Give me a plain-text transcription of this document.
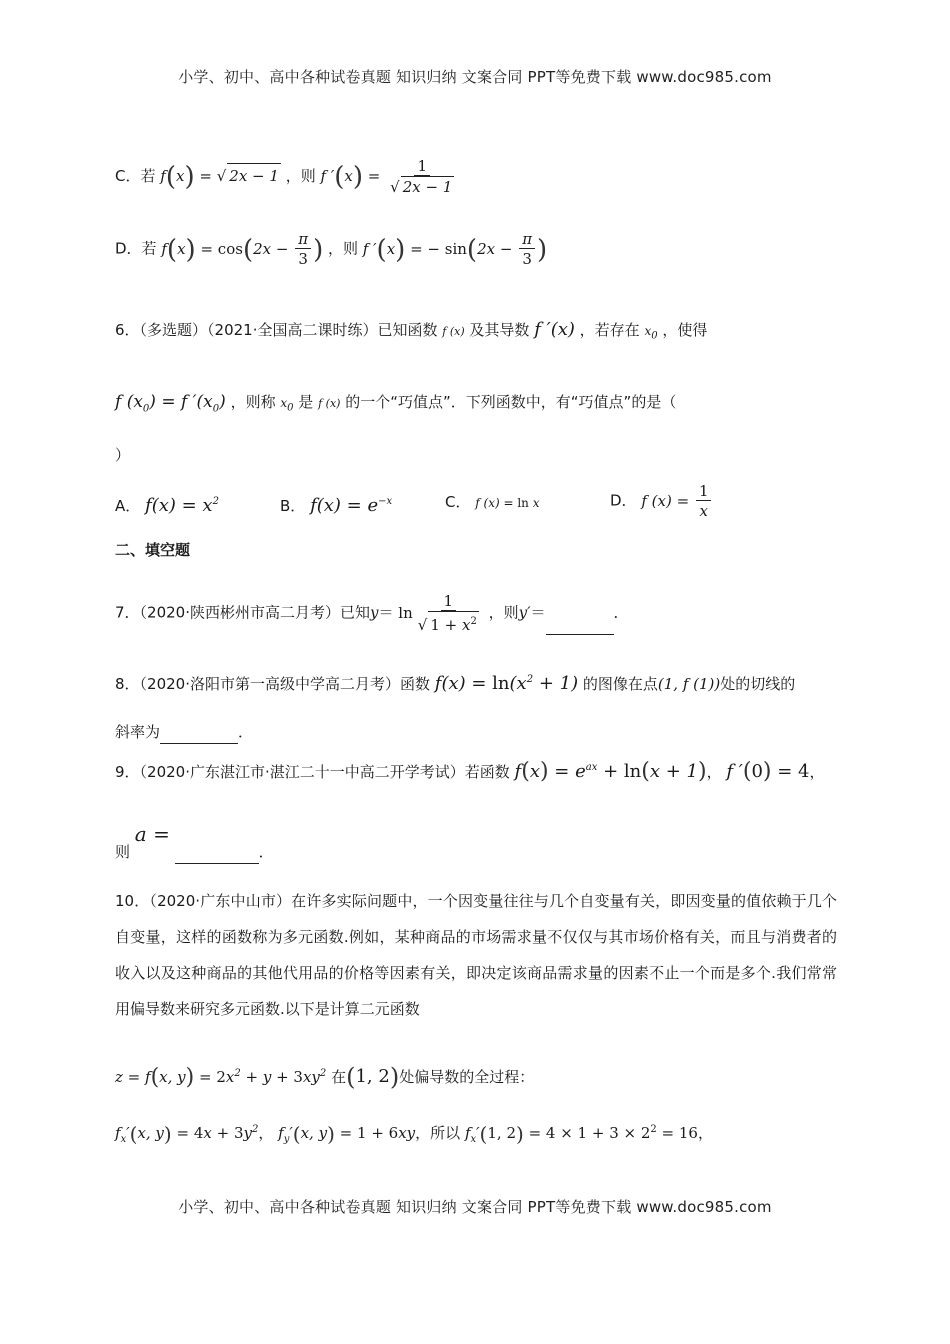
小学、初中、高中各种试卷真题 知识归纳 文案合同 PPT等免费下载 www.doc985.com
C．若 f(x) = √ 2x − 1 ，则 f $'(x) = \frac{1}{√ 2x - 1}$
D．若 $f(x) = \cos(2x - \frac{\pi}{3}$ ) ，则 f ′(x) = − $\sin(2x - \frac{\pi}{3}$ )
6．（多选题）（2021·全国高二课时练）已知函数 f (x) 及其导数 f ′(x) ，若存在 $x_0$ ，使得
f $(x_0) = f$ $'(x_0)$ ，则称 $x_0$ 是 f (x) 的一个“巧值点”．下列函数中，有“巧值点”的是（
）
A． $f(x) = x^2$	B． $f(x) = e^{-x}$	C． f (x) = ln x	D． f $(x) = \frac{1}{x}$
二、填空题
7．（2020·陕西彬州市高二月考）已知$y= \ln \frac{1}{√ 1 + x^2}$ ，则y′＝	．
8．（2020·洛阳市第一高级中学高二月考）函数 $f(x) = \ln(x^2 + 1)$ 的图像在点(1, f (1))处的切线的
斜率为	．
9．（2020·广东湛江市·湛江二十一中高二开学考试）若函数 $f(x) = e^{ax} + \ln(x + 1)$， f ′(0) = 4，
则 a = ．
10．（2020·广东中山市）在许多实际问题中，一个因变量往往与几个自变量有关，即因变量的值依赖于几个自变量，这样的函数称为多元函数.例如，某种商品的市场需求量不仅仅与其市场价格有关，而且与消费者的收入以及这种商品的其他代用品的价格等因素有关，即决定该商品需求量的因素不止一个而是多个.我们常常用偏导数来研究多元函数.以下是计算二元函数
z = f(x, $y) = 2x^2 + y + 3xy^2$ 在(1, 2)处偏导数的全过程：
$f_x'(x$, $y) = 4x + 3y^2$， $f_y'(x$, y) = 1 + 6xy，所以 $f_x'(1$, $2) = 4 \times 1 + 3 \times 2^2 = 16$，
小学、初中、高中各种试卷真题 知识归纳 文案合同 PPT等免费下载 www.doc985.com
